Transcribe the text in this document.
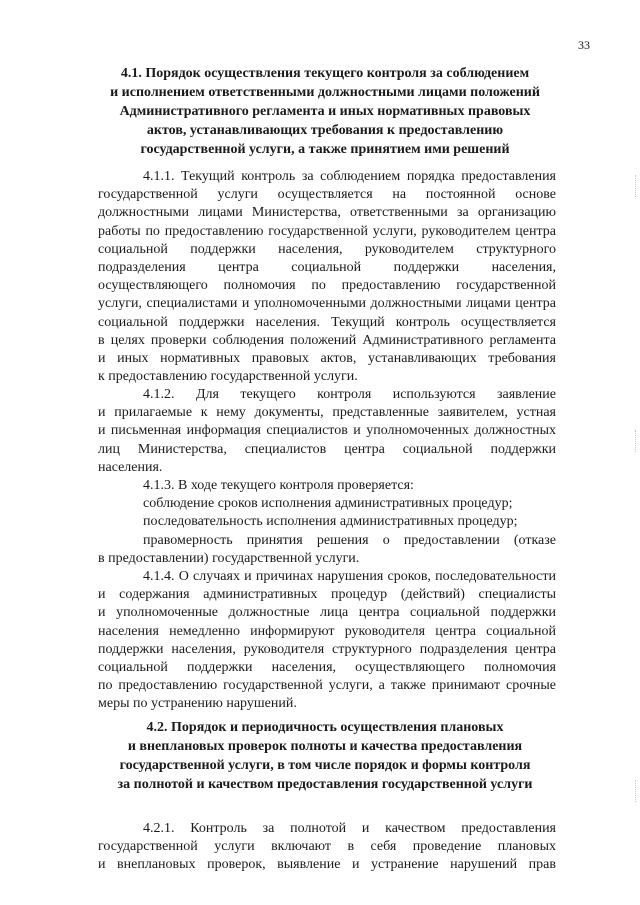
33
4.1. Порядок осуществления текущего контроля за соблюдением
и исполнением ответственными должностными лицами положений
Административного регламента и иных нормативных правовых
актов, устанавливающих требования к предоставлению
государственной услуги, а также принятием ими решений
4.1.1. Текущий контроль за соблюдением порядка предоставления
государственной услуги осуществляется на постоянной основе
должностными лицами Министерства, ответственными за организацию
работы по предоставлению государственной услуги, руководителем центра
социальной поддержки населения, руководителем структурного
подразделения центра социальной поддержки населения,
осуществляющего полномочия по предоставлению государственной
услуги, специалистами и уполномоченными должностными лицами центра
социальной поддержки населения. Текущий контроль осуществляется
в целях проверки соблюдения положений Административного регламента
и иных нормативных правовых актов, устанавливающих требования
к предоставлению государственной услуги.
4.1.2. Для текущего контроля используются заявление
и прилагаемые к нему документы, представленные заявителем, устная
и письменная информация специалистов и уполномоченных должностных
лиц Министерства, специалистов центра социальной поддержки
населения.
4.1.3. В ходе текущего контроля проверяется:
соблюдение сроков исполнения административных процедур;
последовательность исполнения административных процедур;
правомерность принятия решения о предоставлении (отказе
в предоставлении) государственной услуги.
4.1.4. О случаях и причинах нарушения сроков, последовательности
и содержания административных процедур (действий) специалисты
и уполномоченные должностные лица центра социальной поддержки
населения немедленно информируют руководителя центра социальной
поддержки населения, руководителя структурного подразделения центра
социальной поддержки населения, осуществляющего полномочия
по предоставлению государственной услуги, а также принимают срочные
меры по устранению нарушений.
4.2. Порядок и периодичность осуществления плановых
и внеплановых проверок полноты и качества предоставления
государственной услуги, в том числе порядок и формы контроля
за полнотой и качеством предоставления государственной услуги
4.2.1. Контроль за полнотой и качеством предоставления
государственной услуги включают в себя проведение плановых
и внеплановых проверок, выявление и устранение нарушений прав
